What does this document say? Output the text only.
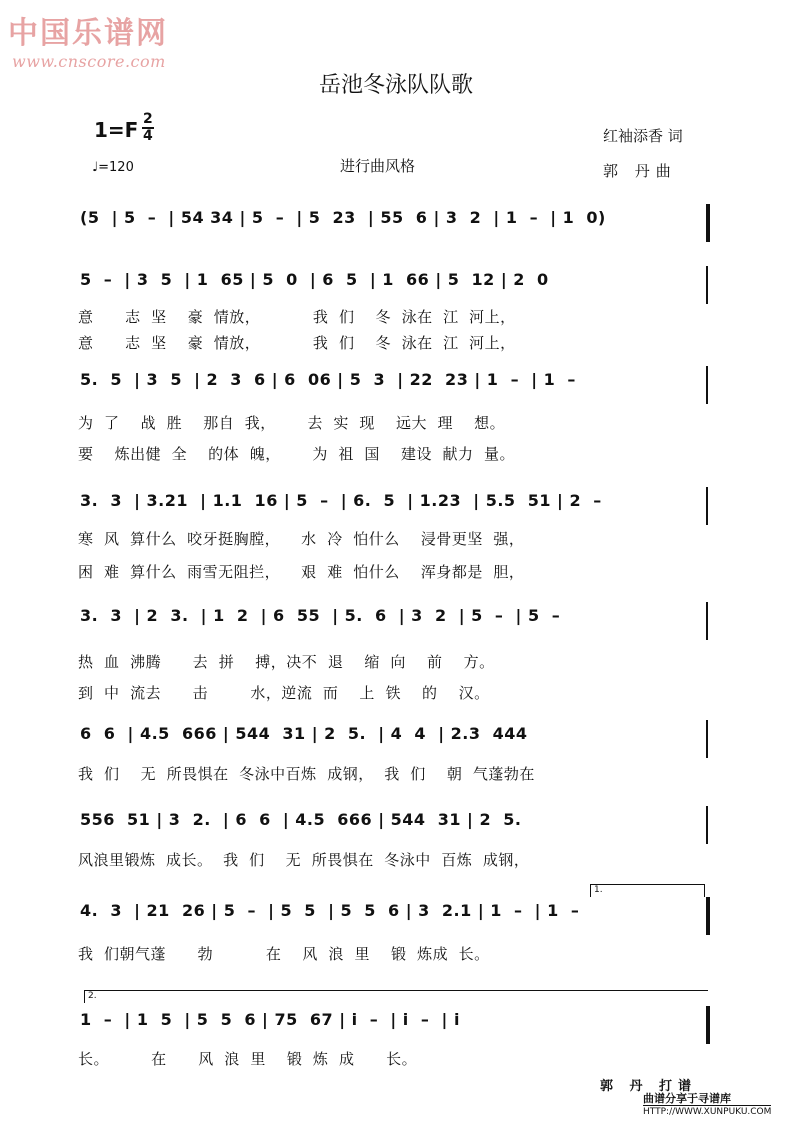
中国乐谱网
www.cnscore.com
岳池冬泳队队歌
1=F 2
4
♩=120	进行曲风格
红袖添香 词
郭 丹曲
(5  | 5  –  | 54 34 | 5  –  | 5  23  | 55  6 | 3  2  | 1  –  | 1  0)
5  –  | 3  5  | 1  65 | 5  0  | 6  5  | 1  66 | 5  12 | 2  0
意      志  坚    豪  情放，          我  们    冬  泳在  江  河上，
意      志  坚    豪  情放，          我  们    冬  泳在  江  河上，
5.  5  | 3  5  | 2  3  6 | 6  06 | 5  3  | 22  23 | 1  –  | 1  –
为  了    战  胜    那自  我，      去  实  现    远大  理    想。
要    炼出健  全    的体  魄，      为  祖  国    建设  献力  量。
3.  3  | 3.21  | 1.1  16 | 5  –  | 6.  5  | 1.23  | 5.5  51 | 2  –
寒  风  算什么  咬牙挺胸膛，    水  冷  怕什么    浸骨更坚  强，
困  难  算什么  雨雪无阻拦，    艰  难  怕什么    浑身都是  胆，
3.  3  | 2  3.  | 1  2  | 6  55  | 5.  6  | 3  2  | 5  –  | 5  –
热  血  沸腾      去  拼    搏，决不  退    缩  向    前    方。
到  中  流去      击        水，逆流  而    上  铁    的    汉。
6  6  | 4.5  666 | 544  31 | 2  5.  | 4  4  | 2.3  444
我  们    无  所畏惧在  冬泳中百炼  成钢，  我  们    朝  气蓬勃在
556  51 | 3  2.  | 6  6  | 4.5  666 | 544  31 | 2  5.
风浪里锻炼  成长。  我  们    无  所畏惧在  冬泳中  百炼  成钢，
1.
4.  3  | 21  26 | 5  –  | 5  5  | 5  5  6 | 3  2.1 | 1  –  | 1  –
我  们朝气蓬      勃          在    风  浪  里    锻  炼成  长。
2.
1  –  | 1  5  | 5  5  6 | 75  67 | i  –  | i  –  | i
长。        在      风  浪  里    锻  炼  成      长。
郭 丹 打谱
曲谱分享于寻谱库
HTTP://WWW.XUNPUKU.COM
